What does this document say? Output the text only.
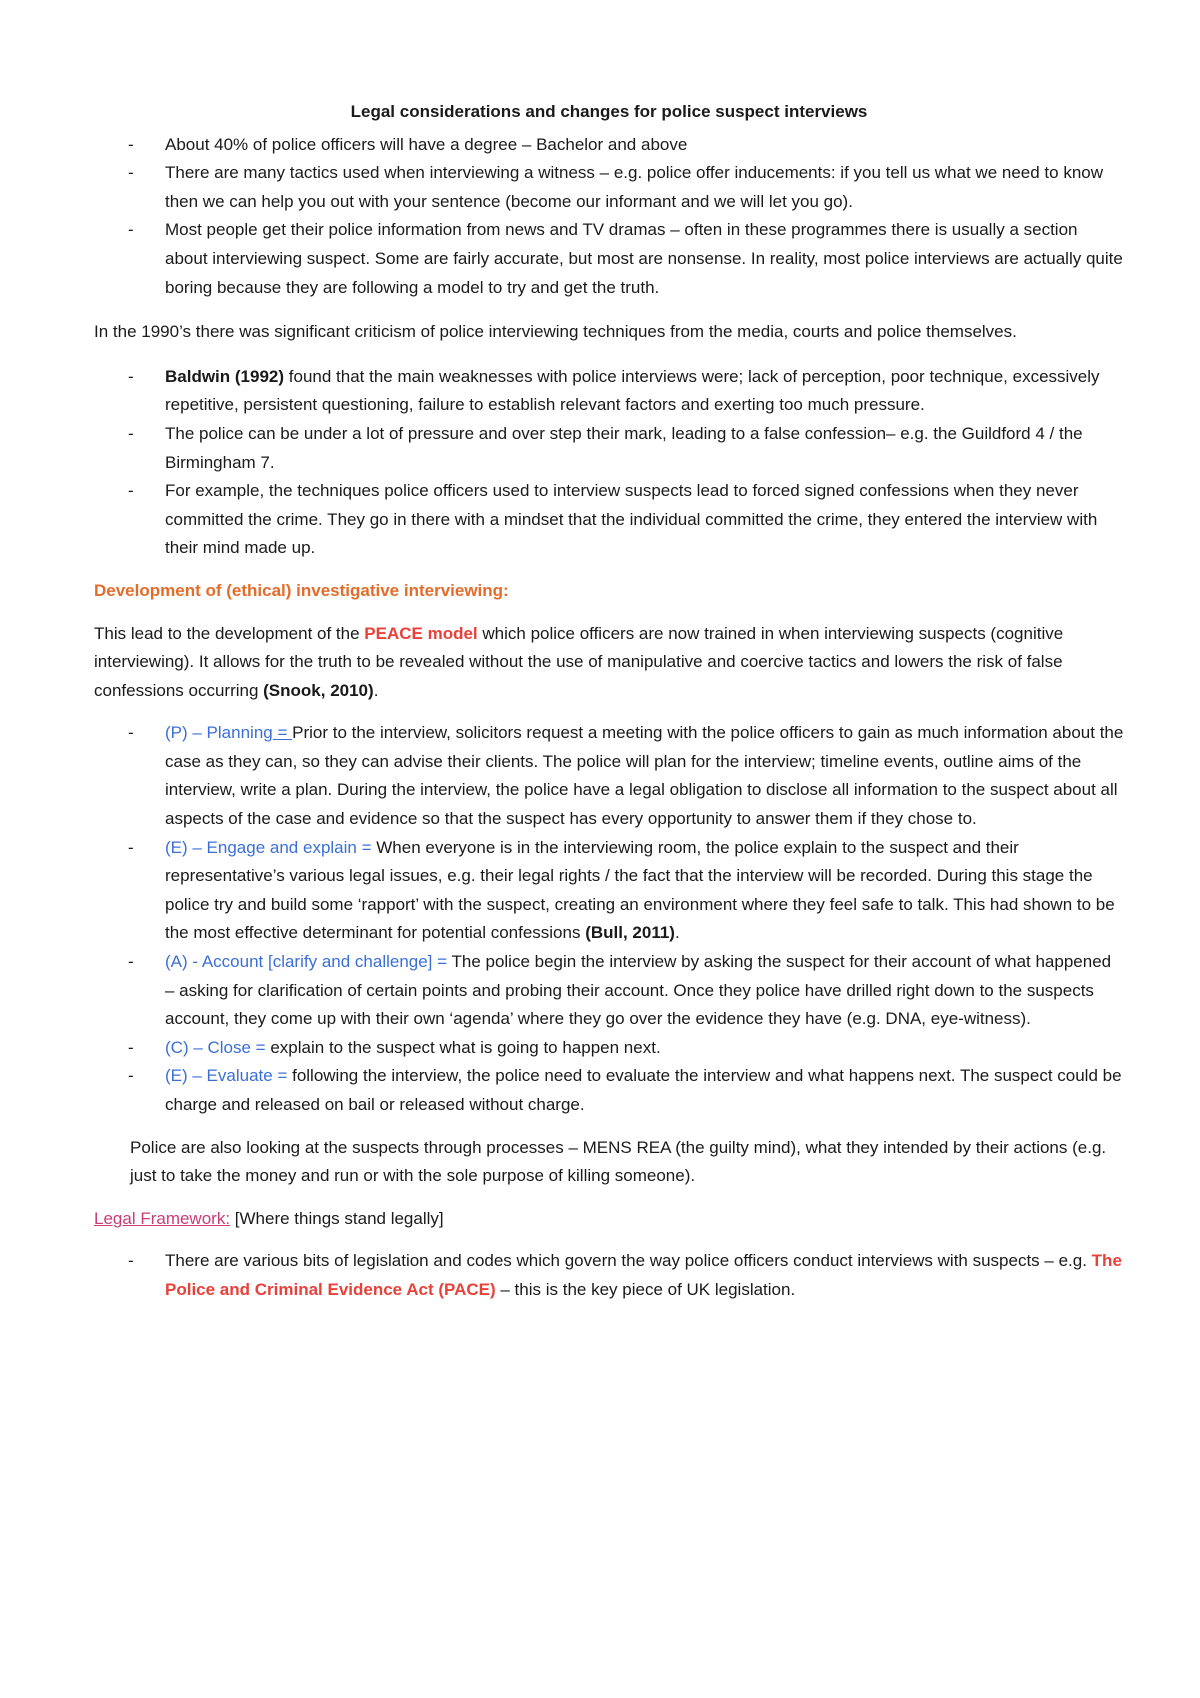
Legal considerations and changes for police suspect interviews

- About 40% of police officers will have a degree – Bachelor and above
- There are many tactics used when interviewing a witness – e.g. police offer inducements: if you tell us what we need to know then we can help you out with your sentence (become our informant and we will let you go).
- Most people get their police information from news and TV dramas – often in these programmes there is usually a section about interviewing suspect. Some are fairly accurate, but most are nonsense. In reality, most police interviews are actually quite boring because they are following a model to try and get the truth.

In the 1990’s there was significant criticism of police interviewing techniques from the media, courts and police themselves.

- Baldwin (1992) found that the main weaknesses with police interviews were; lack of perception, poor technique, excessively repetitive, persistent questioning, failure to establish relevant factors and exerting too much pressure.
- The police can be under a lot of pressure and over step their mark, leading to a false confession– e.g. the Guildford 4 / the Birmingham 7.
- For example, the techniques police officers used to interview suspects lead to forced signed confessions when they never committed the crime. They go in there with a mindset that the individual committed the crime, they entered the interview with their mind made up.

Development of (ethical) investigative interviewing:

This lead to the development of the PEACE model which police officers are now trained in when interviewing suspects (cognitive interviewing). It allows for the truth to be revealed without the use of manipulative and coercive tactics and lowers the risk of false confessions occurring (Snook, 2010).

- (P) – Planning = Prior to the interview, solicitors request a meeting with the police officers to gain as much information about the case as they can, so they can advise their clients. The police will plan for the interview; timeline events, outline aims of the interview, write a plan. During the interview, the police have a legal obligation to disclose all information to the suspect about all aspects of the case and evidence so that the suspect has every opportunity to answer them if they chose to.
- (E) – Engage and explain = When everyone is in the interviewing room, the police explain to the suspect and their representative’s various legal issues, e.g. their legal rights / the fact that the interview will be recorded. During this stage the police try and build some ‘rapport’ with the suspect, creating an environment where they feel safe to talk. This had shown to be the most effective determinant for potential confessions (Bull, 2011).
- (A) - Account [clarify and challenge] = The police begin the interview by asking the suspect for their account of what happened – asking for clarification of certain points and probing their account. Once they police have drilled right down to the suspects account, they come up with their own ‘agenda’ where they go over the evidence they have (e.g. DNA, eye-witness).
- (C) – Close = explain to the suspect what is going to happen next.
- (E) – Evaluate = following the interview, the police need to evaluate the interview and what happens next. The suspect could be charge and released on bail or released without charge.

Police are also looking at the suspects through processes – MENS REA (the guilty mind), what they intended by their actions (e.g. just to take the money and run or with the sole purpose of killing someone).

Legal Framework: [Where things stand legally]

- There are various bits of legislation and codes which govern the way police officers conduct interviews with suspects – e.g. The Police and Criminal Evidence Act (PACE) – this is the key piece of UK legislation.
